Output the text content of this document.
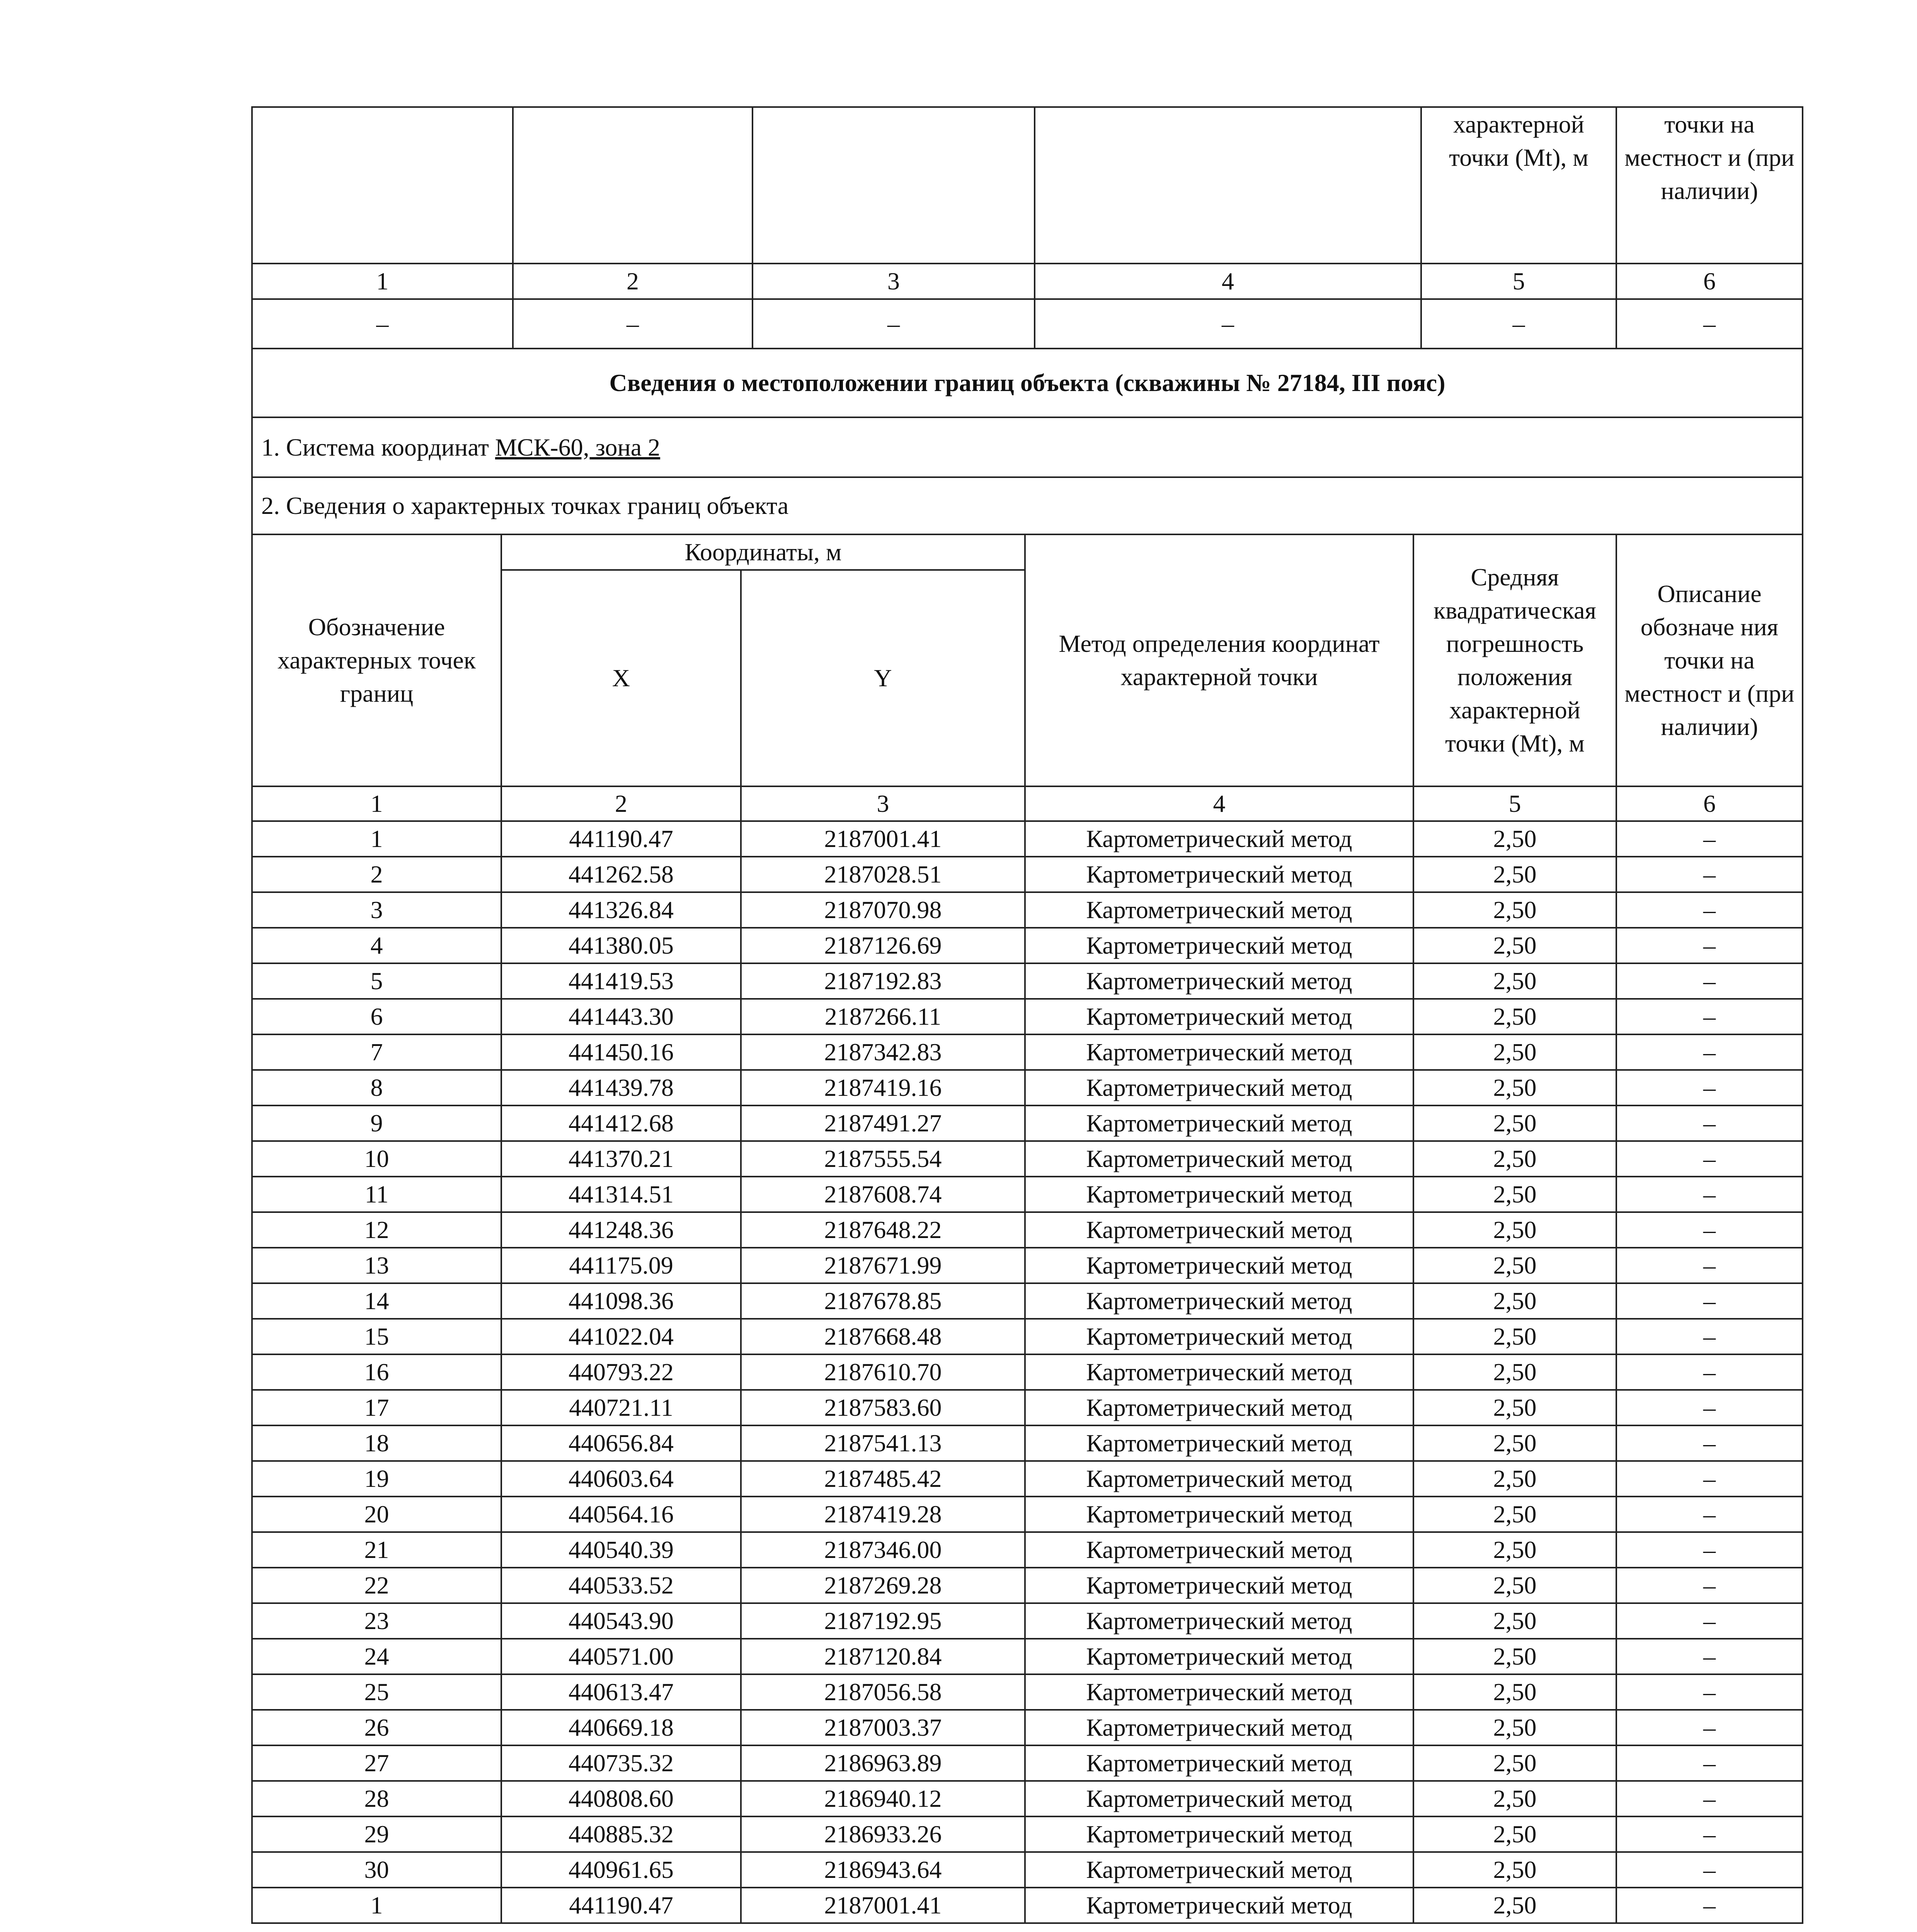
				характерной точки (Mt), м	точки на местност и (при наличии)
1	2	3	4	5	6
–	–	–	–	–	–
Сведения о местоположении границ объекта (скважины № 27184, III пояс)					
1. Система координат МСК-60, зона 2					
2. Сведения о характерных точках границ объекта					
Обозначение характерных точек границ	Координаты, м		Метод определения координат характерной точки	Средняя квадратическая погрешность положения характерной точки (Mt), м	Описание обозначе ния точки на местност и (при наличии)
	X	Y			
1	2	3	4	5	6
1	441190.47	2187001.41	Картометрический метод	2,50	–
2	441262.58	2187028.51	Картометрический метод	2,50	–
3	441326.84	2187070.98	Картометрический метод	2,50	–
4	441380.05	2187126.69	Картометрический метод	2,50	–
5	441419.53	2187192.83	Картометрический метод	2,50	–
6	441443.30	2187266.11	Картометрический метод	2,50	–
7	441450.16	2187342.83	Картометрический метод	2,50	–
8	441439.78	2187419.16	Картометрический метод	2,50	–
9	441412.68	2187491.27	Картометрический метод	2,50	–
10	441370.21	2187555.54	Картометрический метод	2,50	–
11	441314.51	2187608.74	Картометрический метод	2,50	–
12	441248.36	2187648.22	Картометрический метод	2,50	–
13	441175.09	2187671.99	Картометрический метод	2,50	–
14	441098.36	2187678.85	Картометрический метод	2,50	–
15	441022.04	2187668.48	Картометрический метод	2,50	–
16	440793.22	2187610.70	Картометрический метод	2,50	–
17	440721.11	2187583.60	Картометрический метод	2,50	–
18	440656.84	2187541.13	Картометрический метод	2,50	–
19	440603.64	2187485.42	Картометрический метод	2,50	–
20	440564.16	2187419.28	Картометрический метод	2,50	–
21	440540.39	2187346.00	Картометрический метод	2,50	–
22	440533.52	2187269.28	Картометрический метод	2,50	–
23	440543.90	2187192.95	Картометрический метод	2,50	–
24	440571.00	2187120.84	Картометрический метод	2,50	–
25	440613.47	2187056.58	Картометрический метод	2,50	–
26	440669.18	2187003.37	Картометрический метод	2,50	–
27	440735.32	2186963.89	Картометрический метод	2,50	–
28	440808.60	2186940.12	Картометрический метод	2,50	–
29	440885.32	2186933.26	Картометрический метод	2,50	–
30	440961.65	2186943.64	Картометрический метод	2,50	–
1	441190.47	2187001.41	Картометрический метод	2,50	–
